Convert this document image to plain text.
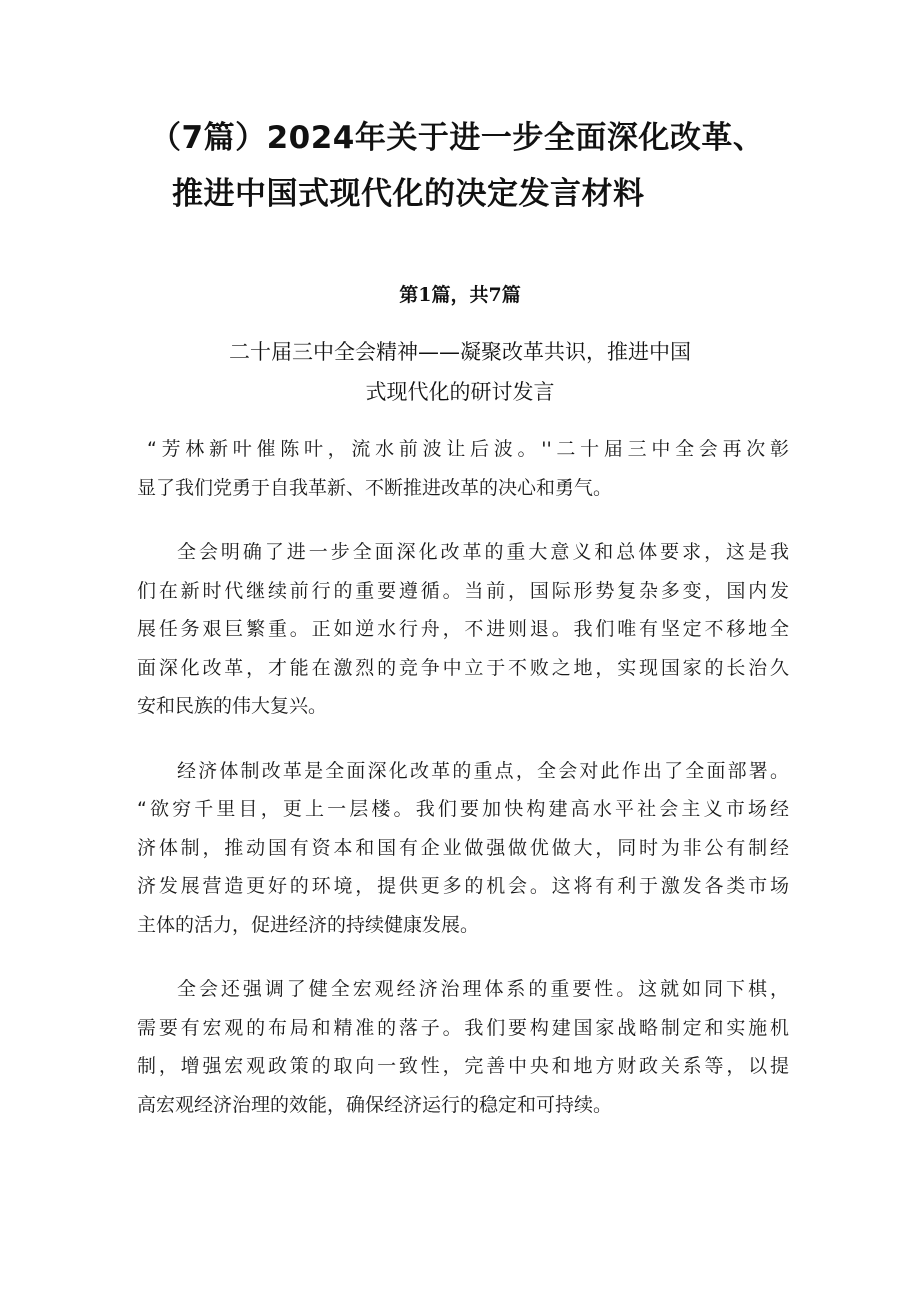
（7篇）2024年关于进一步全面深化改革、
推进中国式现代化的决定发言材料
第1篇，共7篇
二十届三中全会精神——凝聚改革共识，推进中国
式现代化的研讨发言

“芳林新叶催陈叶，流水前波让后波。''二十届三中全会再次彰
显了我们党勇于自我革新、不断推进改革的决心和勇气。

全会明确了进一步全面深化改革的重大意义和总体要求，这是我
们在新时代继续前行的重要遵循。当前，国际形势复杂多变，国内发
展任务艰巨繁重。正如逆水行舟，不进则退。我们唯有坚定不移地全
面深化改革，才能在激烈的竞争中立于不败之地，实现国家的长治久
安和民族的伟大复兴。

经济体制改革是全面深化改革的重点，全会对此作出了全面部署。
“欲穷千里目，更上一层楼。我们要加快构建高水平社会主义市场经
济体制，推动国有资本和国有企业做强做优做大，同时为非公有制经
济发展营造更好的环境，提供更多的机会。这将有利于激发各类市场
主体的活力，促进经济的持续健康发展。

全会还强调了健全宏观经济治理体系的重要性。这就如同下棋，
需要有宏观的布局和精准的落子。我们要构建国家战略制定和实施机
制，增强宏观政策的取向一致性，完善中央和地方财政关系等，以提
高宏观经济治理的效能，确保经济运行的稳定和可持续。
